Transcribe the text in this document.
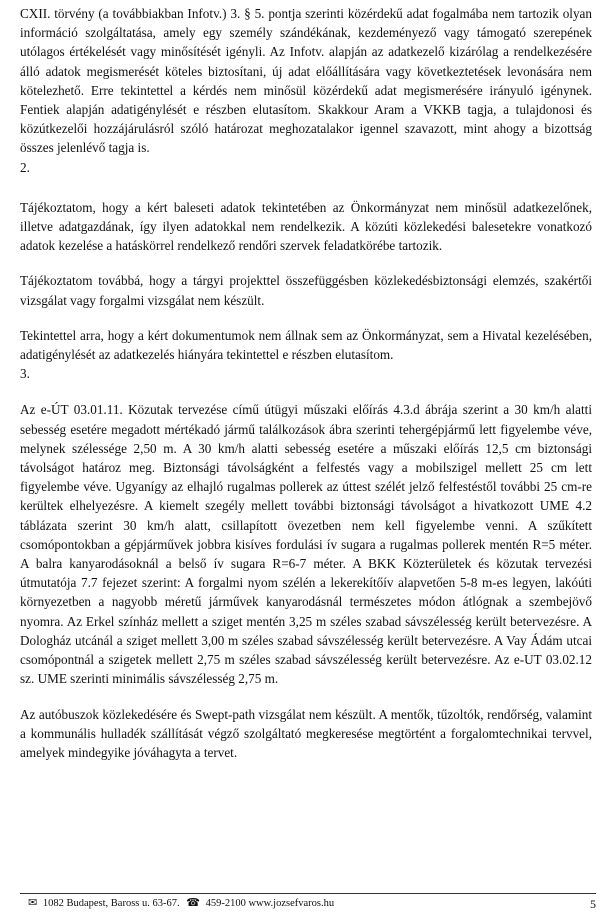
CXII. törvény (a továbbiakban Infotv.) 3. § 5. pontja szerinti közérdekű adat fogalmába nem tartozik olyan információ szolgáltatása, amely egy személy szándékának, kezdeményező vagy támogató szerepének utólagos értékelését vagy minősítését igényli. Az Infotv. alapján az adatkezelő kizárólag a rendelkezésére álló adatok megismerését köteles biztosítani, új adat előállítására vagy következtetések levonására nem kötelezhető. Erre tekintettel a kérdés nem minősül közérdekű adat megismerésére irányuló igénynek. Fentiek alapján adatigénylését e részben elutasítom. Skakkour Aram a VKKB tagja, a tulajdonosi és közútkezelői hozzájárulásról szóló határozat meghozatalakor igennel szavazott, mint ahogy a bizottság összes jelenlévő tagja is.

2.

Tájékoztatom, hogy a kért baleseti adatok tekintetében az Önkormányzat nem minősül adatkezelőnek, illetve adatgazdának, így ilyen adatokkal nem rendelkezik. A közúti közlekedési balesetekre vonatkozó adatok kezelése a hatáskörrel rendelkező rendőri szervek feladatkörébe tartozik.

Tájékoztatom továbbá, hogy a tárgyi projekttel összefüggésben közlekedésbiztonsági elemzés, szakértői vizsgálat vagy forgalmi vizsgálat nem készült.

Tekintettel arra, hogy a kért dokumentumok nem állnak sem az Önkormányzat, sem a Hivatal kezelésében, adatigénylését az adatkezelés hiányára tekintettel e részben elutasítom.

3.

Az e-ÚT 03.01.11. Közutak tervezése című útügyi műszaki előírás 4.3.d ábrája szerint a 30 km/h alatti sebesség esetére megadott mértékadó jármű találkozások ábra szerinti tehergépjármű lett figyelembe véve, melynek szélessége 2,50 m. A 30 km/h alatti sebesség esetére a műszaki előírás 12,5 cm biztonsági távolságot határoz meg. Biztonsági távolságként a felfestés vagy a mobilszigel mellett 25 cm lett figyelembe véve. Ugyanígy az elhajló rugalmas pollerek az úttest szélét jelző felfestéstől további 25 cm-re kerültek elhelyezésre. A kiemelt szegély mellett további biztonsági távolságot a hivatkozott UME 4.2 táblázata szerint 30 km/h alatt, csillapított övezetben nem kell figyelembe venni. A szűkített csomópontokban a gépjárművek jobbra kisíves fordulási ív sugara a rugalmas pollerek mentén R=5 méter. A balra kanyarodásoknál a belső ív sugara R=6-7 méter. A BKK Közterületek és közutak tervezési útmutatója 7.7 fejezet szerint: A forgalmi nyom szélén a lekerekítőív alapvetően 5-8 m-es legyen, lakóúti környezetben a nagyobb méretű járművek kanyarodásnál természetes módon átlógnak a szembejövő nyomra. Az Erkel színház mellett a sziget mentén 3,25 m széles szabad sávszélesség került betervezésre. A Dologház utcánál a sziget mellett 3,00 m széles szabad sávszélesség került betervezésre. A Vay Ádám utcai csomópontnál a szigetek mellett 2,75 m széles szabad sávszélesség került betervezésre. Az e-UT 03.02.12 sz. UME szerinti minimális sávszélesség 2,75 m.

Az autóbuszok közlekedésére és Swept-path vizsgálat nem készült. A mentők, tűzoltók, rendőrség, valamint a kommunális hulladék szállítását végző szolgáltató megkeresése megtörtént a forgalomtechnikai tervvel, amelyek mindegyike jóváhagyta a tervet.

✉ 1082 Budapest, Baross u. 63-67. ☎ 459-2100 www.jozsefvaros.hu	5
